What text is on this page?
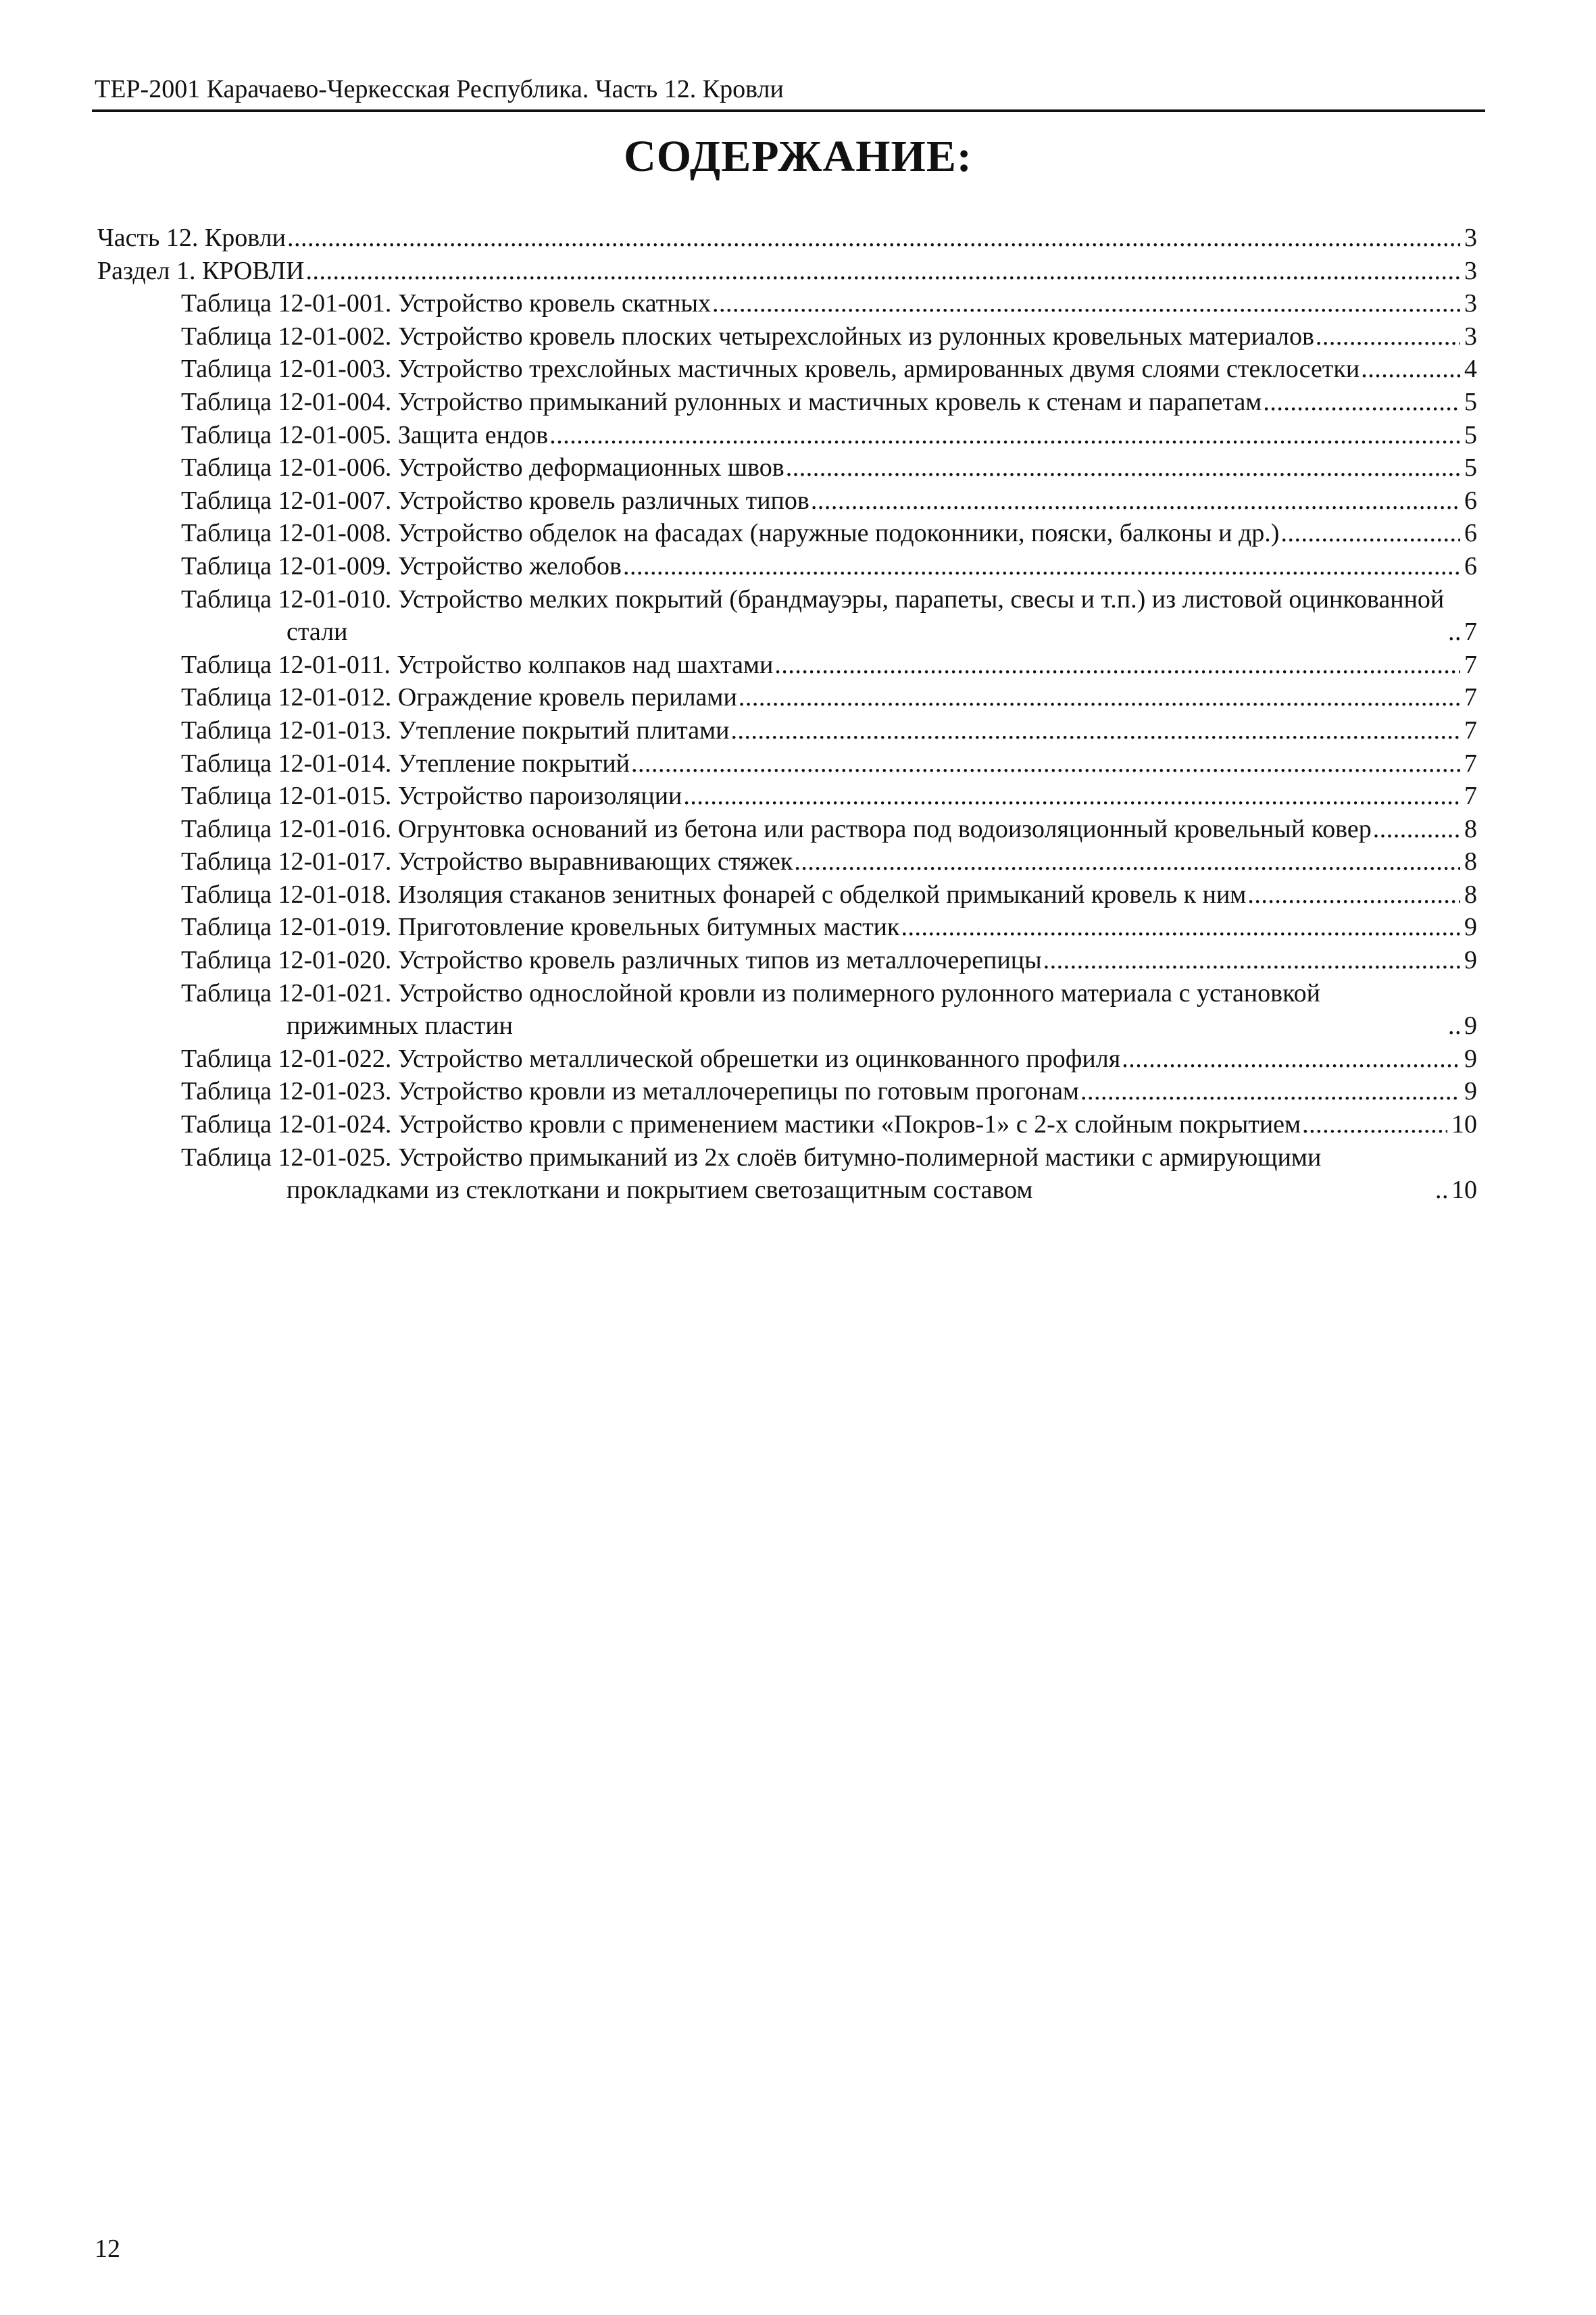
ТЕР-2001 Карачаево-Черкесская Республика. Часть 12. Кровли
СОДЕРЖАНИЕ:
Часть 12. Кровли .....	3
Раздел 1. КРОВЛИ .....	3
Таблица 12-01-001. Устройство кровель скатных .....	3
Таблица 12-01-002. Устройство кровель плоских четырехслойных из рулонных кровельных материалов .....	3
Таблица 12-01-003. Устройство трехслойных мастичных кровель, армированных двумя слоями стеклосетки .....	4
Таблица 12-01-004. Устройство примыканий рулонных и мастичных кровель к стенам и парапетам .....	5
Таблица 12-01-005. Защита ендов .....	5
Таблица 12-01-006. Устройство деформационных швов .....	5
Таблица 12-01-007. Устройство кровель различных типов .....	6
Таблица 12-01-008. Устройство обделок на фасадах (наружные подоконники, пояски, балконы и др.) .....	6
Таблица 12-01-009. Устройство желобов .....	6
Таблица 12-01-010. Устройство мелких покрытий (брандмауэры, парапеты, свесы и т.п.) из листовой оцинкованной стали .....	7
Таблица 12-01-011. Устройство колпаков над шахтами .....	7
Таблица 12-01-012. Ограждение кровель перилами .....	7
Таблица 12-01-013. Утепление покрытий плитами .....	7
Таблица 12-01-014. Утепление покрытий .....	7
Таблица 12-01-015. Устройство пароизоляции .....	7
Таблица 12-01-016. Огрунтовка оснований из бетона или раствора под водоизоляционный кровельный ковер .....	8
Таблица 12-01-017. Устройство выравнивающих стяжек .....	8
Таблица 12-01-018. Изоляция стаканов зенитных фонарей с обделкой примыканий кровель к ним .....	8
Таблица 12-01-019. Приготовление кровельных битумных мастик .....	9
Таблица 12-01-020. Устройство кровель различных типов из металлочерепицы .....	9
Таблица 12-01-021. Устройство однослойной кровли из полимерного рулонного материала с установкой прижимных пластин .....	9
Таблица 12-01-022. Устройство металлической обрешетки из оцинкованного профиля .....	9
Таблица 12-01-023. Устройство кровли из металлочерепицы по готовым прогонам .....	9
Таблица 12-01-024. Устройство кровли с применением мастики «Покров-1» с 2-х слойным покрытием .....	10
Таблица 12-01-025. Устройство примыканий из 2х слоёв битумно-полимерной мастики с армирующими прокладками из стеклоткани и покрытием светозащитным составом .....	10
12
